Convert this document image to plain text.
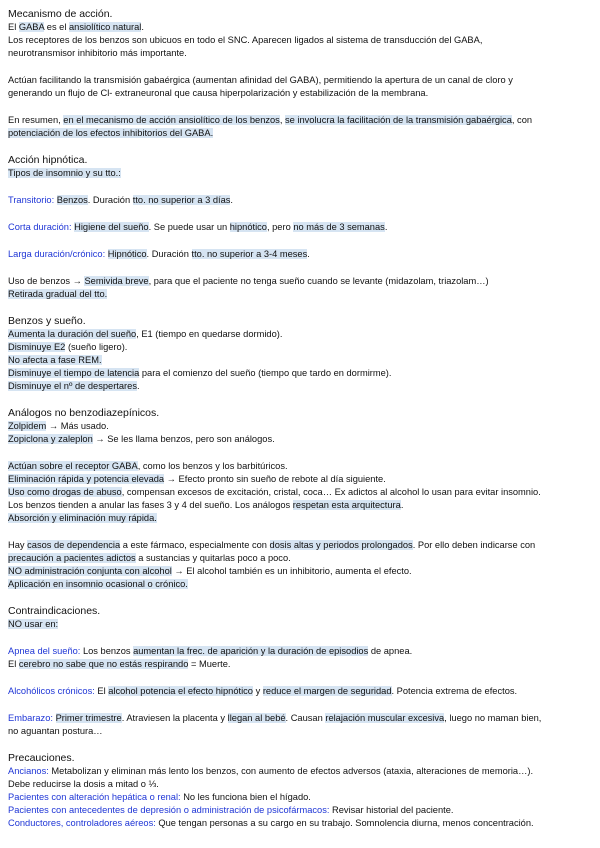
Mecanismo de acción.
El GABA es el ansiolítico natural.
Los receptores de los benzos son ubicuos en todo el SNC. Aparecen ligados al sistema de transducción del GABA,
neurotransmisor inhibitorio más importante.
Actúan facilitando la transmisión gabaérgica (aumentan afinidad del GABA), permitiendo la apertura de un canal de cloro y
generando un flujo de Cl- extraneuronal que causa hiperpolarización y estabilización de la membrana.
En resumen, en el mecanismo de acción ansiolítico de los benzos, se involucra la facilitación de la transmisión gabaérgica, con
potenciación de los efectos inhibitorios del GABA.
Acción hipnótica.
Tipos de insomnio y su tto.:
Transitorio: Benzos. Duración tto. no superior a 3 días.
Corta duración: Higiene del sueño. Se puede usar un hipnótico, pero no más de 3 semanas.
Larga duración/crónico: Hipnótico. Duración tto. no superior a 3-4 meses.
Uso de benzos → Semivida breve, para que el paciente no tenga sueño cuando se levante (midazolam, triazolam…)
Retirada gradual del tto.
Benzos y sueño.
Aumenta la duración del sueño, E1 (tiempo en quedarse dormido).
Disminuye E2 (sueño ligero).
No afecta a fase REM.
Disminuye el tiempo de latencia para el comienzo del sueño (tiempo que tardo en dormirme).
Disminuye el nº de despertares.
Análogos no benzodiazepínicos.
Zolpidem → Más usado.
Zopiclona y zaleplon → Se les llama benzos, pero son análogos.
Actúan sobre el receptor GABA, como los benzos y los barbitúricos.
Eliminación rápida y potencia elevada → Efecto pronto sin sueño de rebote al día siguiente.
Uso como drogas de abuso, compensan excesos de excitación, cristal, coca… Ex adictos al alcohol lo usan para evitar insomnio.
Los benzos tienden a anular las fases 3 y 4 del sueño. Los análogos respetan esta arquitectura.
Absorción y eliminación muy rápida.
Hay casos de dependencia a este fármaco, especialmente con dosis altas y periodos prolongados. Por ello deben indicarse con
precaución a pacientes adictos a sustancias y quitarlas poco a poco.
NO administración conjunta con alcohol → El alcohol también es un inhibitorio, aumenta el efecto.
Aplicación en insomnio ocasional o crónico.
Contraindicaciones.
NO usar en:
Apnea del sueño: Los benzos aumentan la frec. de aparición y la duración de episodios de apnea.
El cerebro no sabe que no estás respirando = Muerte.
Alcohólicos crónicos: El alcohol potencia el efecto hipnótico y reduce el margen de seguridad. Potencia extrema de efectos.
Embarazo: Primer trimestre. Atraviesen la placenta y llegan al bebé. Causan relajación muscular excesiva, luego no maman bien,
no aguantan postura…
Precauciones.
Ancianos: Metabolizan y eliminan más lento los benzos, con aumento de efectos adversos (ataxia, alteraciones de memoria…).
Debe reducirse la dosis a mitad o ⅓.
Pacientes con alteración hepática o renal: No les funciona bien el hígado.
Pacientes con antecedentes de depresión o administración de psicofármacos: Revisar historial del paciente.
Conductores, controladores aéreos: Que tengan personas a su cargo en su trabajo. Somnolencia diurna, menos concentración.
